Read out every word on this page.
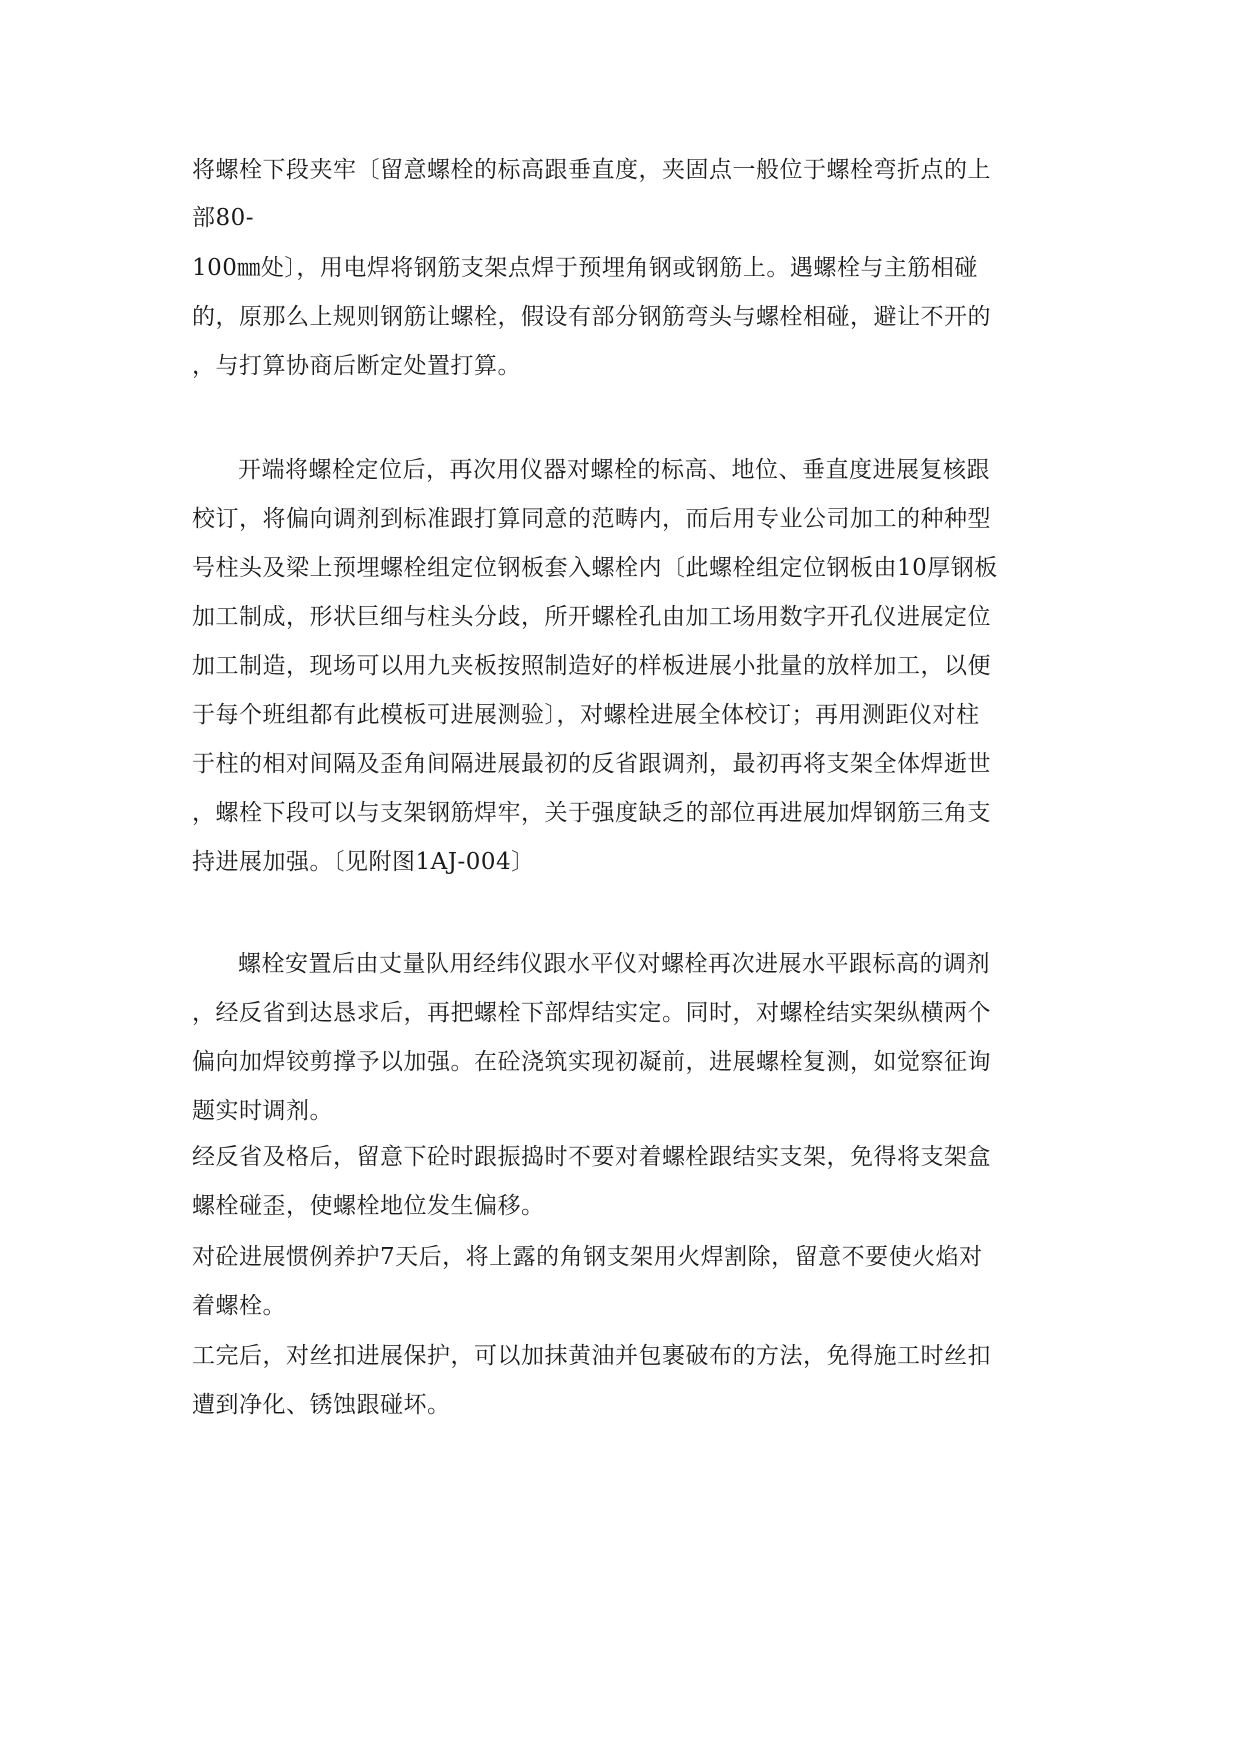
将螺栓下段夹牢〔留意螺栓的标高跟垂直度，夹固点一般位于螺栓弯折点的上

部80-

100㎜处〕，用电焊将钢筋支架点焊于预埋角钢或钢筋上。遇螺栓与主筋相碰

的，原那么上规则钢筋让螺栓，假设有部分钢筋弯头与螺栓相碰，避让不开的

，与打算协商后断定处置打算。

开端将螺栓定位后，再次用仪器对螺栓的标高、地位、垂直度进展复核跟

校订，将偏向调剂到标准跟打算同意的范畴内，而后用专业公司加工的种种型

号柱头及梁上预埋螺栓组定位钢板套入螺栓内〔此螺栓组定位钢板由10厚钢板

加工制成，形状巨细与柱头分歧，所开螺栓孔由加工场用数字开孔仪进展定位

加工制造，现场可以用九夹板按照制造好的样板进展小批量的放样加工，以便

于每个班组都有此模板可进展测验〕，对螺栓进展全体校订；再用测距仪对柱

于柱的相对间隔及歪角间隔进展最初的反省跟调剂，最初再将支架全体焊逝世

，螺栓下段可以与支架钢筋焊牢，关于强度缺乏的部位再进展加焊钢筋三角支

持进展加强。〔见附图1AJ-004〕

螺栓安置后由丈量队用经纬仪跟水平仪对螺栓再次进展水平跟标高的调剂

，经反省到达恳求后，再把螺栓下部焊结实定。同时，对螺栓结实架纵横两个

偏向加焊铰剪撑予以加强。在砼浇筑实现初凝前，进展螺栓复测，如觉察征询

题实时调剂。

经反省及格后，留意下砼时跟振捣时不要对着螺栓跟结实支架，免得将支架盒

螺栓碰歪，使螺栓地位发生偏移。

对砼进展惯例养护7天后，将上露的角钢支架用火焊割除，留意不要使火焰对

着螺栓。

工完后，对丝扣进展保护，可以加抹黄油并包裹破布的方法，免得施工时丝扣

遭到净化、锈蚀跟碰坏。
